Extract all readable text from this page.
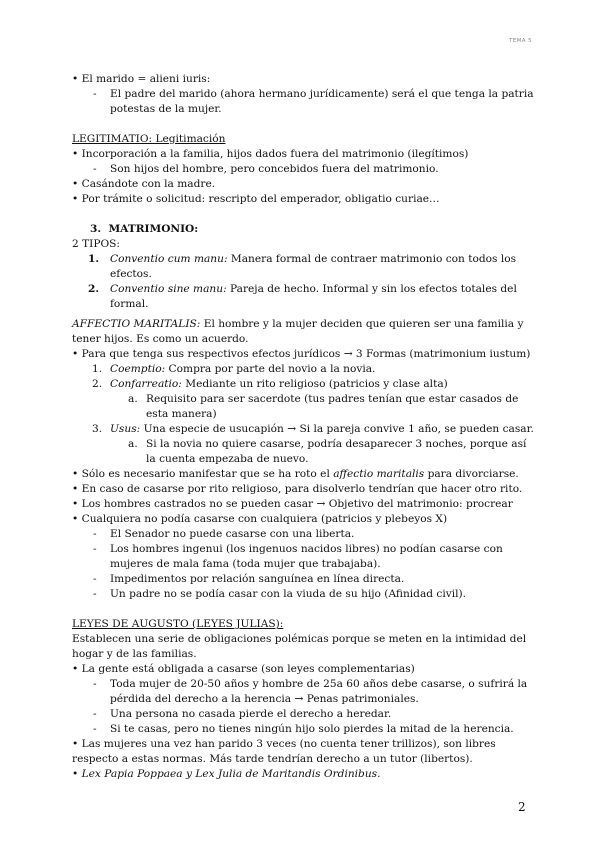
TEMA 5

• El marido = alieni iuris:

- El padre del marido (ahora hermano jurídicamente) será el que tenga la patria potestas de la mujer.

LEGITIMATIO: Legitimación

• Incorporación a la familia, hijos dados fuera del matrimonio (ilegítimos)

- Son hijos del hombre, pero concebidos fuera del matrimonio.

• Casándote con la madre.

• Por trámite o solicitud: rescripto del emperador, obligatio curiae…

3. MATRIMONIO:

2 TIPOS:

1. Conventio cum manu: Manera formal de contraer matrimonio con todos los efectos.

2. Conventio sine manu: Pareja de hecho. Informal y sin los efectos totales del formal.

AFFECTIO MARITALIS: El hombre y la mujer deciden que quieren ser una familia y tener hijos. Es como un acuerdo.

• Para que tenga sus respectivos efectos jurídicos → 3 Formas (matrimonium iustum)

1. Coemptio: Compra por parte del novio a la novia.

2. Confarreatio: Mediante un rito religioso (patricios y clase alta)

a. Requisito para ser sacerdote (tus padres tenían que estar casados de esta manera)

3. Usus: Una especie de usucapión → Si la pareja convive 1 año, se pueden casar.

a. Si la novia no quiere casarse, podría desaparecer 3 noches, porque así la cuenta empezaba de nuevo.

• Sólo es necesario manifestar que se ha roto el affectio maritalis para divorciarse.

• En caso de casarse por rito religioso, para disolverlo tendrían que hacer otro rito.

• Los hombres castrados no se pueden casar → Objetivo del matrimonio: procrear

• Cualquiera no podía casarse con cualquiera (patricios y plebeyos X)

- El Senador no puede casarse con una liberta.

- Los hombres ingenui (los ingenuos nacidos libres) no podían casarse con mujeres de mala fama (toda mujer que trabajaba).

- Impedimentos por relación sanguínea en línea directa.

- Un padre no se podía casar con la viuda de su hijo (Afinidad civil).

LEYES DE AUGUSTO (LEYES JULIAS):

Establecen una serie de obligaciones polémicas porque se meten en la intimidad del hogar y de las familias.

• La gente está obligada a casarse (son leyes complementarias)

- Toda mujer de 20-50 años y hombre de 25a 60 años debe casarse, o sufrirá la pérdida del derecho a la herencia → Penas patrimoniales.

- Una persona no casada pierde el derecho a heredar.

- Si te casas, pero no tienes ningún hijo solo pierdes la mitad de la herencia.

• Las mujeres una vez han parido 3 veces (no cuenta tener trillizos), son libres respecto a estas normas. Más tarde tendrían derecho a un tutor (libertos).

• Lex Papia Poppaea y Lex Julia de Maritandis Ordinibus.

2
